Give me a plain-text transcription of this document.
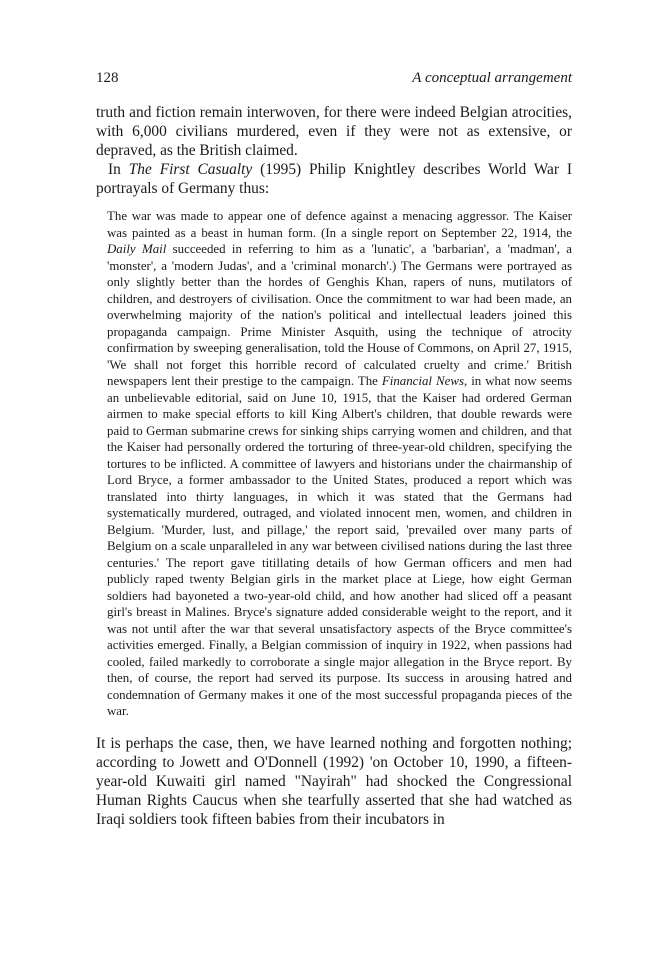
128	A conceptual arrangement

truth and fiction remain interwoven, for there were indeed Belgian atrocities, with 6,000 civilians murdered, even if they were not as extensive, or depraved, as the British claimed.

In The First Casualty (1995) Philip Knightley describes World War I portrayals of Germany thus:

The war was made to appear one of defence against a menacing aggressor. The Kaiser was painted as a beast in human form. (In a single report on September 22, 1914, the Daily Mail succeeded in referring to him as a 'lunatic', a 'barbarian', a 'madman', a 'monster', a 'modern Judas', and a 'criminal monarch'.) The Germans were portrayed as only slightly better than the hordes of Genghis Khan, rapers of nuns, mutilators of children, and destroyers of civilisation. Once the commitment to war had been made, an overwhelming majority of the nation's political and intellectual leaders joined this propaganda campaign. Prime Minister Asquith, using the technique of atrocity confirmation by sweeping generalisation, told the House of Commons, on April 27, 1915, 'We shall not forget this horrible record of calculated cruelty and crime.' British newspapers lent their prestige to the campaign. The Financial News, in what now seems an unbelievable editorial, said on June 10, 1915, that the Kaiser had ordered German airmen to make special efforts to kill King Albert's children, that double rewards were paid to German submarine crews for sinking ships carrying women and children, and that the Kaiser had personally ordered the torturing of three-year-old children, specifying the tortures to be inflicted. A committee of lawyers and historians under the chairmanship of Lord Bryce, a former ambassador to the United States, produced a report which was translated into thirty languages, in which it was stated that the Germans had systematically murdered, outraged, and violated innocent men, women, and children in Belgium. 'Murder, lust, and pillage,' the report said, 'prevailed over many parts of Belgium on a scale unparalleled in any war between civilised nations during the last three centuries.' The report gave titillating details of how German officers and men had publicly raped twenty Belgian girls in the market place at Liege, how eight German soldiers had bayoneted a two-year-old child, and how another had sliced off a peasant girl's breast in Malines. Bryce's signature added considerable weight to the report, and it was not until after the war that several unsatisfactory aspects of the Bryce committee's activities emerged. Finally, a Belgian commission of inquiry in 1922, when passions had cooled, failed markedly to corroborate a single major allegation in the Bryce report. By then, of course, the report had served its purpose. Its success in arousing hatred and condemnation of Germany makes it one of the most successful propaganda pieces of the war.

It is perhaps the case, then, we have learned nothing and forgotten nothing; according to Jowett and O'Donnell (1992) 'on October 10, 1990, a fifteen-year-old Kuwaiti girl named "Nayirah" had shocked the Congressional Human Rights Caucus when she tearfully asserted that she had watched as Iraqi soldiers took fifteen babies from their incubators in
